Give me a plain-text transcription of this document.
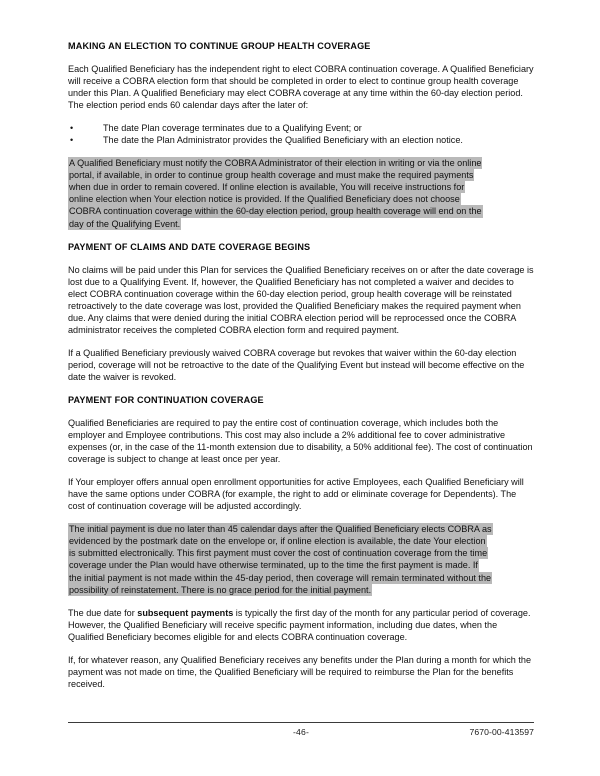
MAKING AN ELECTION TO CONTINUE GROUP HEALTH COVERAGE

Each Qualified Beneficiary has the independent right to elect COBRA continuation coverage. A Qualified Beneficiary will receive a COBRA election form that should be completed in order to elect to continue group health coverage under this Plan. A Qualified Beneficiary may elect COBRA coverage at any time within the 60-day election period. The election period ends 60 calendar days after the later of:

•	The date Plan coverage terminates due to a Qualifying Event; or
•	The date the Plan Administrator provides the Qualified Beneficiary with an election notice.

A Qualified Beneficiary must notify the COBRA Administrator of their election in writing or via the online
portal, if available, in order to continue group health coverage and must make the required payments
when due in order to remain covered. If online election is available, You will receive instructions for
online election when Your election notice is provided. If the Qualified Beneficiary does not choose
COBRA continuation coverage within the 60-day election period, group health coverage will end on the
day of the Qualifying Event.

PAYMENT OF CLAIMS AND DATE COVERAGE BEGINS

No claims will be paid under this Plan for services the Qualified Beneficiary receives on or after the date coverage is lost due to a Qualifying Event. If, however, the Qualified Beneficiary has not completed a waiver and decides to elect COBRA continuation coverage within the 60-day election period, group health coverage will be reinstated retroactively to the date coverage was lost, provided the Qualified Beneficiary makes the required payment when due. Any claims that were denied during the initial COBRA election period will be reprocessed once the COBRA administrator receives the completed COBRA election form and required payment.

If a Qualified Beneficiary previously waived COBRA coverage but revokes that waiver within the 60-day election period, coverage will not be retroactive to the date of the Qualifying Event but instead will become effective on the date the waiver is revoked.

PAYMENT FOR CONTINUATION COVERAGE

Qualified Beneficiaries are required to pay the entire cost of continuation coverage, which includes both the employer and Employee contributions. This cost may also include a 2% additional fee to cover administrative expenses (or, in the case of the 11-month extension due to disability, a 50% additional fee). The cost of continuation coverage is subject to change at least once per year.

If Your employer offers annual open enrollment opportunities for active Employees, each Qualified Beneficiary will have the same options under COBRA (for example, the right to add or eliminate coverage for Dependents). The cost of continuation coverage will be adjusted accordingly.

The initial payment is due no later than 45 calendar days after the Qualified Beneficiary elects COBRA as
evidenced by the postmark date on the envelope or, if online election is available, the date Your election
is submitted electronically. This first payment must cover the cost of continuation coverage from the time
coverage under the Plan would have otherwise terminated, up to the time the first payment is made. If
the initial payment is not made within the 45-day period, then coverage will remain terminated without the
possibility of reinstatement. There is no grace period for the initial payment.

The due date for subsequent payments is typically the first day of the month for any particular period of coverage. However, the Qualified Beneficiary will receive specific payment information, including due dates, when the Qualified Beneficiary becomes eligible for and elects COBRA continuation coverage.

If, for whatever reason, any Qualified Beneficiary receives any benefits under the Plan during a month for which the payment was not made on time, the Qualified Beneficiary will be required to reimburse the Plan for the benefits received.

-46-	7670-00-413597
